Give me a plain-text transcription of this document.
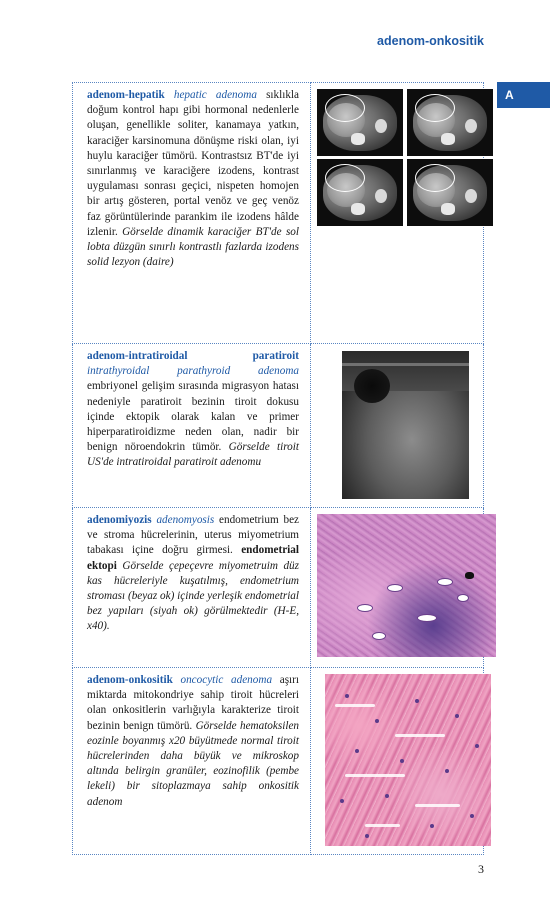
adenom-onkositik
A
adenom-hepatik hepatic adenoma sıklıkla doğum kontrol hapı gibi hormonal nedenlerle oluşan, genellikle soliter, kanamaya yatkın, karaciğer karsinomuna dönüşme riski olan, iyi huylu karaciğer tümörü. Kontrastsız BT'de iyi sınırlanmış ve karaciğere izodens, kontrast uygulaması sonrası geçici, nispeten homojen bir artış gösteren, portal venöz ve geç venöz faz görüntülerinde parankim ile izodens hâlde izlenir. Görselde dinamik karaciğer BT'de sol lobta düzgün sınırlı kontrastlı fazlarda izodens solid lezyon (daire)	

adenom-intratiroidal paratiroit intrathyroidal parathyroid adenoma embriyonel gelişim sırasında migrasyon hatası nedeniyle paratiroit bezinin tiroit dokusu içinde ektopik olarak kalan ve primer hiperparatiroidizme neden olan, nadir bir benign nöroendokrin tümör. Görselde tiroit US'de intratiroidal paratiroit adenomu	

adenomiyozis adenomyosis endometrium bez ve stroma hücrelerinin, uterus miyometrium tabakası içine doğru girmesi. endometrial ektopi Görselde çepeçevre miyometruim düz kas hücreleriyle kuşatılmış, endometrium stroması (beyaz ok) içinde yerleşik endometrial bez yapıları (siyah ok) görülmektedir (H-E, x40).	

adenom-onkositik oncocytic adenoma aşırı miktarda mitokondriye sahip tiroit hücreleri olan onkositlerin varlığıyla karakterize tiroit bezinin benign tümörü. Görselde hematoksilen eozinle boyanmış x20 büyütmede normal tiroit hücrelerinden daha büyük ve mikroskop altında belirgin granüler, eozinofilik (pembe lekeli) bir sitoplazmaya sahip onkositik adenom	
3
